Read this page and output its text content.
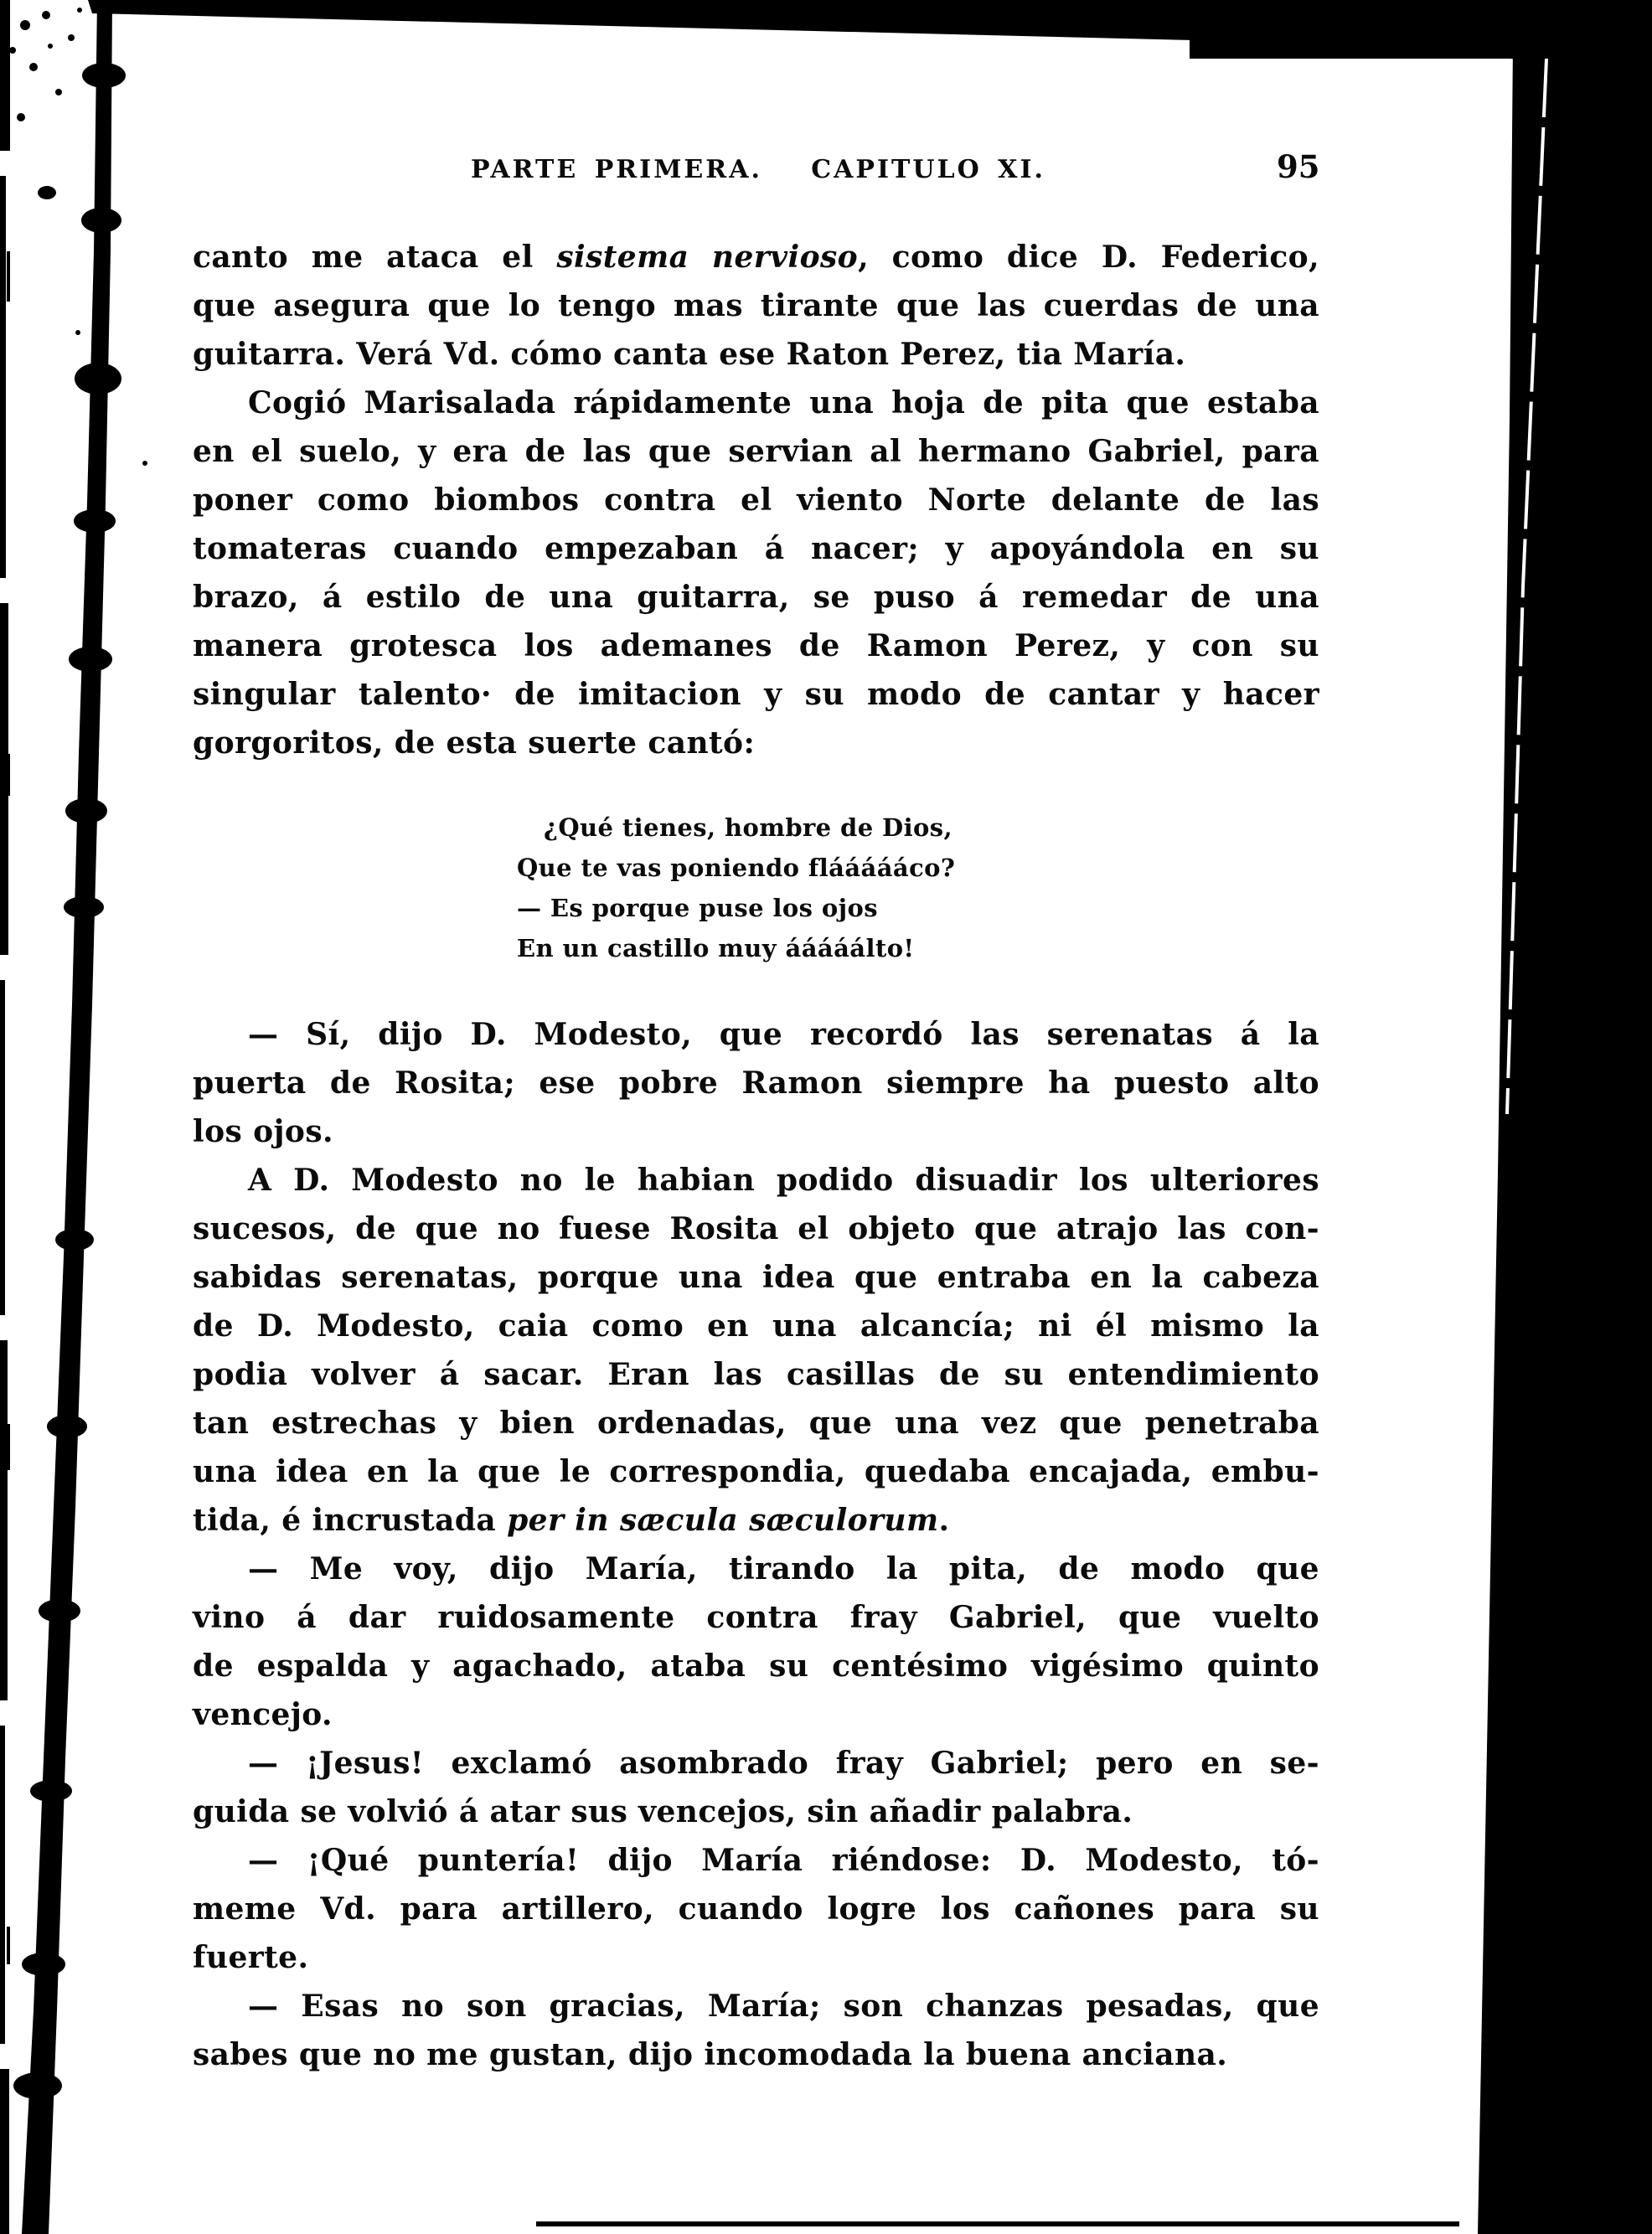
PARTE PRIMERA.   CAPITULO XI.	95
canto me ataca el sistema nervioso, como dice D. Federico,
que asegura que lo tengo mas tirante que las cuerdas de una
guitarra. Verá Vd. cómo canta ese Raton Perez, tia María.
Cogió Marisalada rápidamente una hoja de pita que estaba
en el suelo, y era de las que servian al hermano Gabriel, para
poner como biombos contra el viento Norte delante de las
tomateras cuando empezaban á nacer; y apoyándola en su
brazo, á estilo de una guitarra, se puso á remedar de una
manera grotesca los ademanes de Ramon Perez, y con su
singular talento· de imitacion y su modo de cantar y hacer
gorgoritos, de esta suerte cantó:
¿Qué tienes, hombre de Dios,
Que te vas poniendo fláááááco?
— Es porque puse los ojos
En un castillo muy ááááálto!
— Sí, dijo D. Modesto, que recordó las serenatas á la
puerta de Rosita; ese pobre Ramon siempre ha puesto alto
los ojos.
A D. Modesto no le habian podido disuadir los ulteriores
sucesos, de que no fuese Rosita el objeto que atrajo las con-
sabidas serenatas, porque una idea que entraba en la cabeza
de D. Modesto, caia como en una alcancía; ni él mismo la
podia volver á sacar. Eran las casillas de su entendimiento
tan estrechas y bien ordenadas, que una vez que penetraba
una idea en la que le correspondia, quedaba encajada, embu-
tida, é incrustada per in sæcula sæculorum.
— Me voy, dijo María, tirando la pita, de modo que
vino á dar ruidosamente contra fray Gabriel, que vuelto
de espalda y agachado, ataba su centésimo vigésimo quinto
vencejo.
— ¡Jesus! exclamó asombrado fray Gabriel; pero en se-
guida se volvió á atar sus vencejos, sin añadir palabra.
— ¡Qué puntería! dijo María riéndose: D. Modesto, tó-
meme Vd. para artillero, cuando logre los cañones para su
fuerte.
— Esas no son gracias, María; son chanzas pesadas, que
sabes que no me gustan, dijo incomodada la buena anciana.
